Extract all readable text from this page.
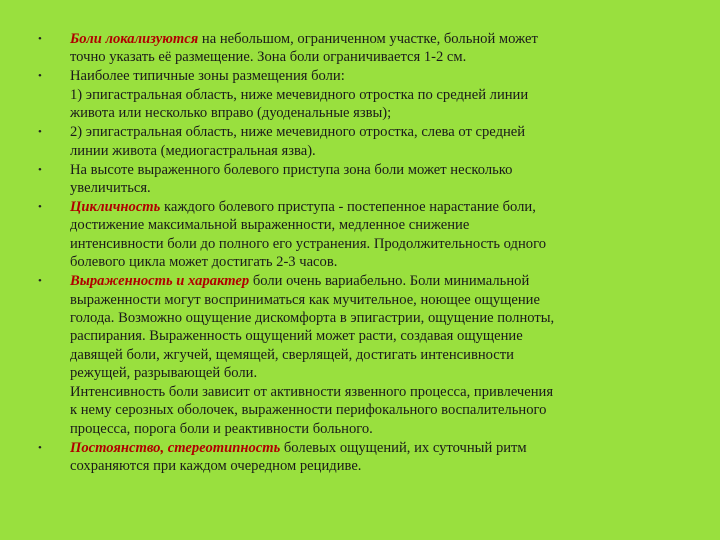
•	Боли локализуются на небольшом, ограниченном участке, больной может
точно указать её размещение. Зона боли ограничивается 1-2 см.
•	Наиболее типичные зоны размещения боли:
1) эпигастральная область, ниже мечевидного отростка по средней линии
живота или несколько вправо (дуоденальные язвы);
•	2) эпигастральная область, ниже мечевидного отростка, слева от средней
линии живота (медиогастральная язва).
•	На высоте выраженного болевого приступа зона боли может несколько
увеличиться.
•	Цикличность каждого болевого приступа - постепенное нарастание боли,
достижение максимальной выраженности, медленное снижение
интенсивности боли до полного его устранения. Продолжительность одного
болевого цикла может достигать 2-3 часов.
•	Выраженность и характер боли очень вариабельно. Боли минимальной
выраженности могут восприниматься как мучительное, ноющее ощущение
голода. Возможно ощущение дискомфорта в эпигастрии, ощущение полноты,
распирания. Выраженность ощущений может расти, создавая ощущение
давящей боли, жгучей, щемящей, сверлящей, достигать интенсивности
режущей, разрывающей боли.
Интенсивность боли зависит от активности язвенного процесса, привлечения
к нему серозных оболочек, выраженности перифокального воспалительного
процесса, порога боли и реактивности больного.
•	Постоянство, стереотипность болевых ощущений, их суточный ритм
сохраняются при каждом очередном рецидиве.
